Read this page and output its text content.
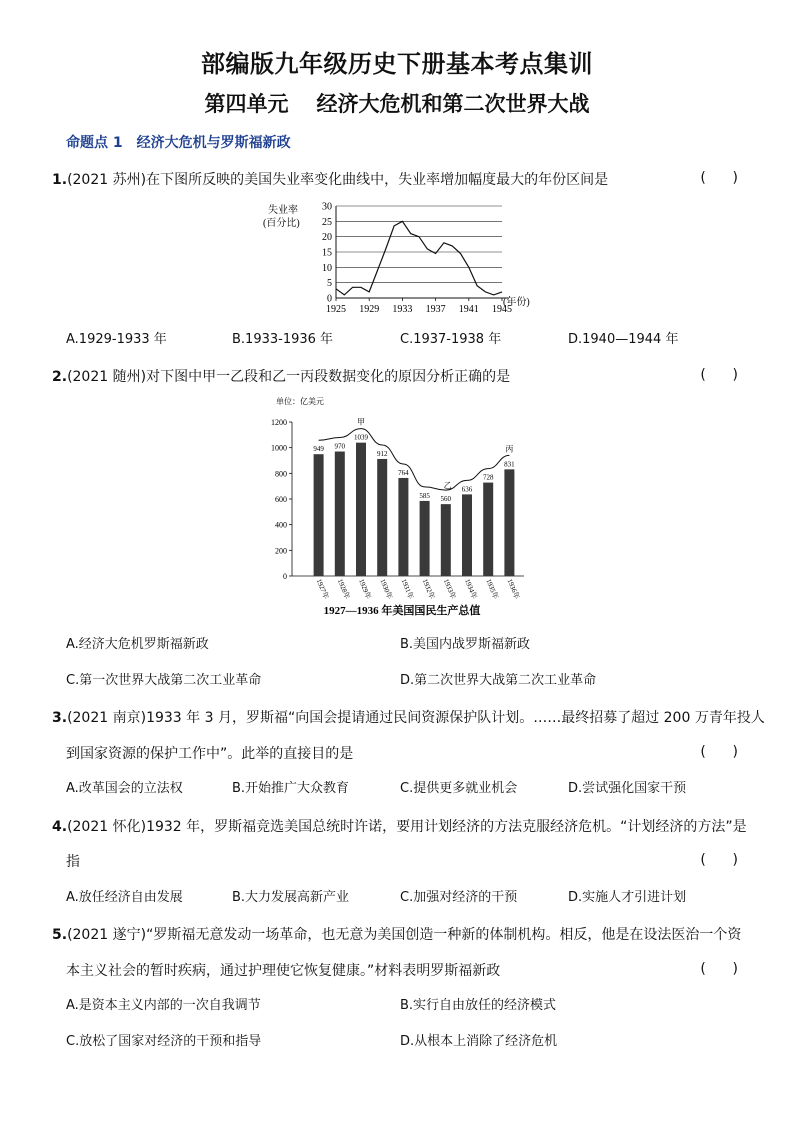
部编版九年级历史下册基本考点集训
第四单元 经济大危机和第二次世界大战
命题点 1 经济大危机与罗斯福新政
1.(2021 苏州)在下图所反映的美国失业率变化曲线中，失业率增加幅度最大的年份区间是	(      )
失业率
(百分比)
(年份)
0
5
10
15
20
25
30
1925 1929 1933 1937 1941 1945
A.1929-1933 年	B.1933-1936 年	C.1937-1938 年	D.1940—1944 年
2.(2021 随州)对下图中甲一乙段和乙一丙段数据变化的原因分析正确的是	(      )
单位：亿美元
1927—1936 年美国国民生产总值
0
200
400
600
800
1000
1200
949
1927年
970
1928年
1039
1929年
912
1930年
764
1931年
585
1932年
560
1933年
636
1934年
728
1935年
831
1936年
甲
乙
丙
A.经济大危机罗斯福新政	B.美国内战罗斯福新政
C.第一次世界大战第二次工业革命	D.第二次世界大战第二次工业革命
3.(2021 南京)1933 年 3 月，罗斯福“向国会提请通过民间资源保护队计划。……最终招募了超过 200 万青年投人
到国家资源的保护工作中”。此举的直接目的是	(      )
A.改革国会的立法权	B.开始推广大众教育	C.提供更多就业机会	D.尝试强化国家干预
4.(2021 怀化)1932 年，罗斯福竞选美国总统时许诺，要用计划经济的方法克服经济危机。“计划经济的方法”是
指	(      )
A.放任经济自由发展	B.大力发展高新产业	C.加强对经济的干预	D.实施人才引进计划
5.(2021 遂宁)“罗斯福无意发动一场革命，也无意为美国创造一种新的体制机构。相反，他是在设法医治一个资
本主义社会的暂时疾病，通过护理使它恢复健康。”材料表明罗斯福新政	(      )
A.是资本主义内部的一次自我调节	B.实行自由放任的经济模式
C.放松了国家对经济的干预和指导	D.从根本上消除了经济危机
